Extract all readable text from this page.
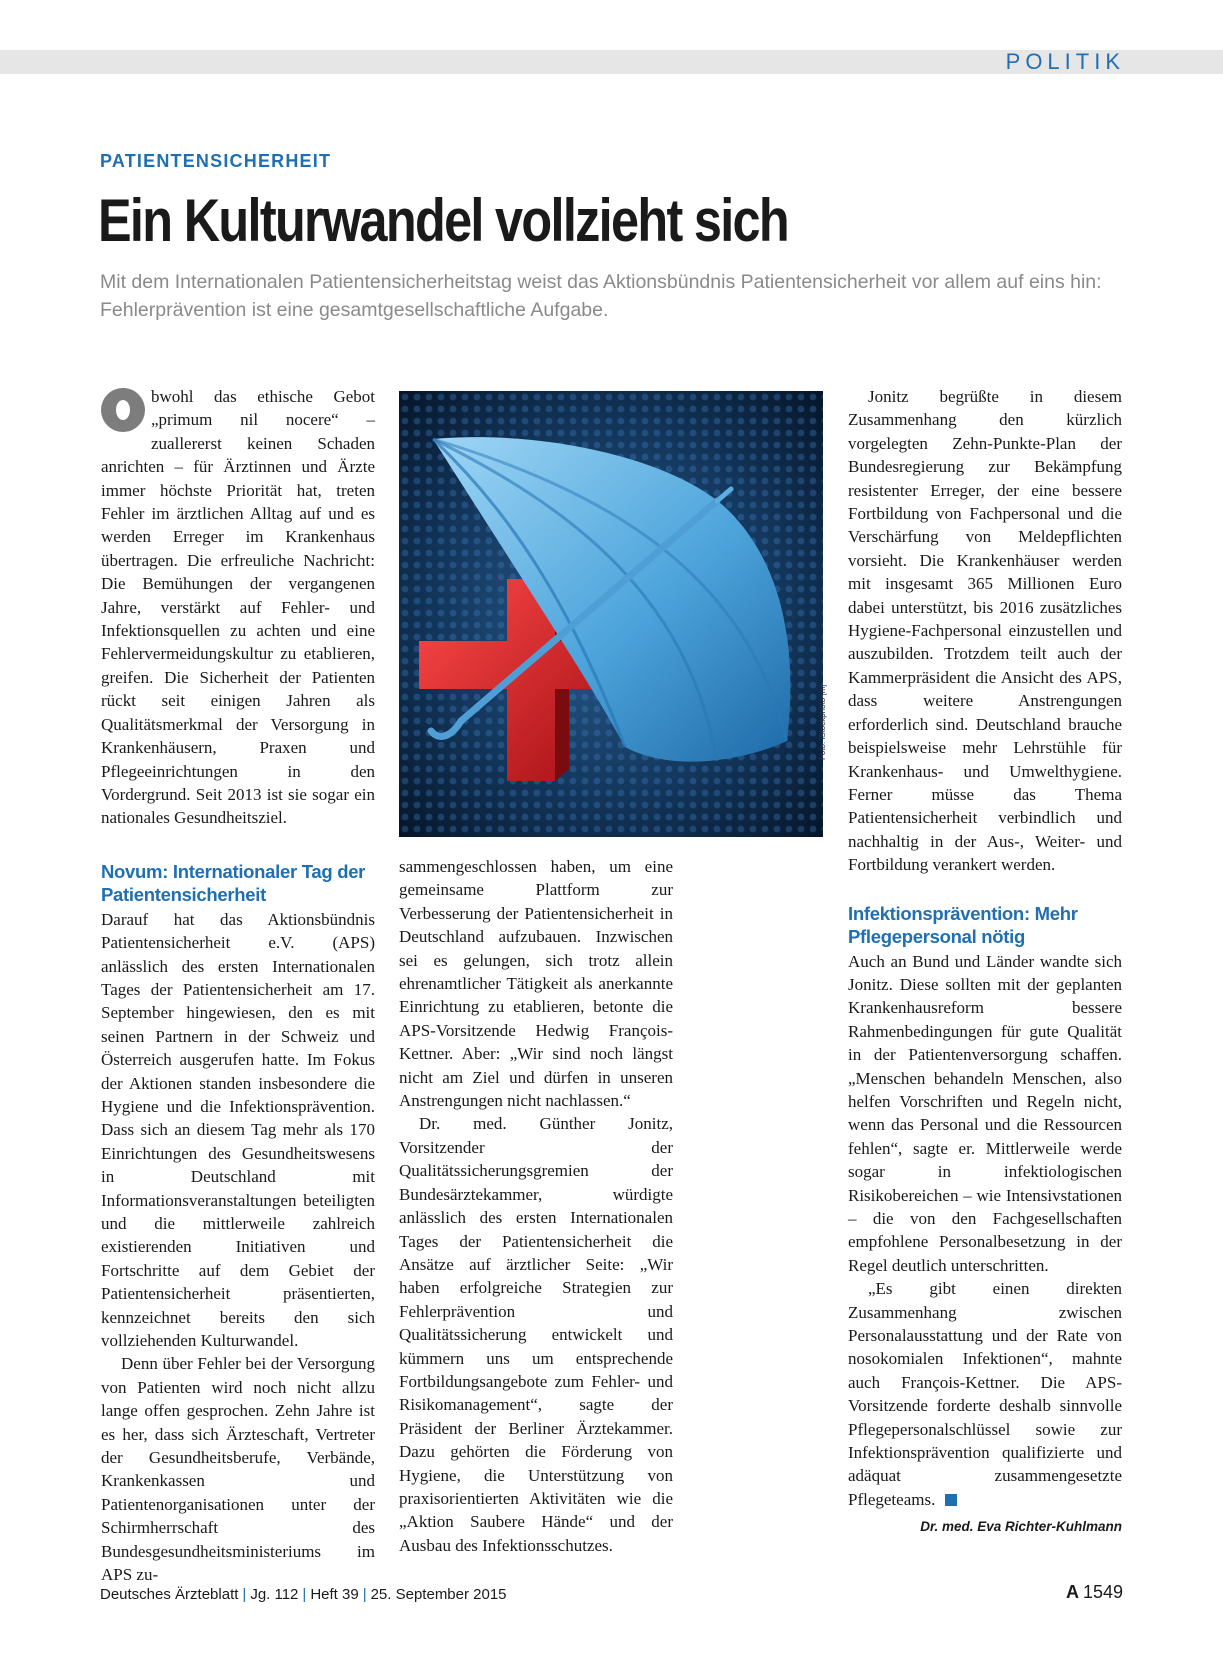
POLITIK
PATIENTENSICHERHEIT
Ein Kulturwandel vollzieht sich

Mit dem Internationalen Patientensicherheitstag weist das Aktionsbündnis Patientensicherheit vor allem auf eins hin: Fehlerprävention ist eine gesamtgesellschaftliche Aufgabe.

bwohl das ethische Gebot „primum nil nocere“ – zuallererst keinen Schaden anrichten – für Ärztinnen und Ärzte immer höchste Priorität hat, treten Fehler im ärztlichen Alltag auf und es werden Erreger im Krankenhaus übertragen. Die erfreuliche Nachricht: Die Bemühungen der vergangenen Jahre, verstärkt auf Fehler- und Infektionsquellen zu achten und eine Fehlervermeidungskultur zu etablieren, greifen. Die Sicherheit der Patienten rückt seit einigen Jahren als Qualitätsmerkmal der Versorgung in Krankenhäusern, Praxen und Pflegeeinrichtungen in den Vordergrund. Seit 2013 ist sie sogar ein nationales Gesundheitsziel.

Novum: Internationaler Tag der Patientensicherheit

Darauf hat das Aktionsbündnis Patientensicherheit e.V. (APS) anlässlich des ersten Internationalen Tages der Patientensicherheit am 17. September hingewiesen, den es mit seinen Partnern in der Schweiz und Österreich ausgerufen hatte. Im Fokus der Aktionen standen insbesondere die Hygiene und die Infektionsprävention. Dass sich an diesem Tag mehr als 170 Einrichtungen des Gesundheitswesens in Deutschland mit Informationsveranstaltungen beteiligten und die mittlerweile zahlreich existierenden Initiativen und Fortschritte auf dem Gebiet der Patientensicherheit präsentierten, kennzeichnet bereits den sich vollziehenden Kulturwandel.

Denn über Fehler bei der Versorgung von Patienten wird noch nicht allzu lange offen gesprochen. Zehn Jahre ist es her, dass sich Ärzteschaft, Vertreter der Gesundheitsberufe, Verbände, Krankenkassen und Patientenorganisationen unter der Schirmherrschaft des Bundesgesundheitsministeriums im APS zu-

Foto: iStockphoto [m]

sammengeschlossen haben, um eine gemeinsame Plattform zur Verbesserung der Patientensicherheit in Deutschland aufzubauen. Inzwischen sei es gelungen, sich trotz allein ehrenamtlicher Tätigkeit als anerkannte Einrichtung zu etablieren, betonte die APS-Vorsitzende Hedwig François-Kettner. Aber: „Wir sind noch längst nicht am Ziel und dürfen in unseren Anstrengungen nicht nachlassen.“

Dr. med. Günther Jonitz, Vorsitzender der Qualitätssicherungsgremien der Bundesärztekammer, würdigte anlässlich des ersten Internationalen Tages der Patientensicherheit die Ansätze auf ärztlicher Seite: „Wir haben erfolgreiche Strategien zur Fehlerprävention und Qualitätssicherung entwickelt und kümmern uns um entsprechende Fortbildungsangebote zum Fehler- und Risikomanagement“, sagte der Präsident der Berliner Ärztekammer. Dazu gehörten die Förderung von Hygiene, die Unterstützung von praxisorientierten Aktivitäten wie die „Aktion Saubere Hände“ und der Ausbau des Infektionsschutzes.

Jonitz begrüßte in diesem Zusammenhang den kürzlich vorgelegten Zehn-Punkte-Plan der Bundesregierung zur Bekämpfung resistenter Erreger, der eine bessere Fortbildung von Fachpersonal und die Verschärfung von Meldepflichten vorsieht. Die Krankenhäuser werden mit insgesamt 365 Millionen Euro dabei unterstützt, bis 2016 zusätzliches Hygiene-Fachpersonal einzustellen und auszubilden. Trotzdem teilt auch der Kammerpräsident die Ansicht des APS, dass weitere Anstrengungen erforderlich sind. Deutschland brauche beispielsweise mehr Lehrstühle für Krankenhaus- und Umwelthygiene. Ferner müsse das Thema Patientensicherheit verbindlich und nachhaltig in der Aus-, Weiter- und Fortbildung verankert werden.

Infektionsprävention: Mehr Pflegepersonal nötig

Auch an Bund und Länder wandte sich Jonitz. Diese sollten mit der geplanten Krankenhausreform bessere Rahmenbedingungen für gute Qualität in der Patientenversorgung schaffen. „Menschen behandeln Menschen, also helfen Vorschriften und Regeln nicht, wenn das Personal und die Ressourcen fehlen“, sagte er. Mittlerweile werde sogar in infektiologischen Risikobereichen – wie Intensivstationen – die von den Fachgesellschaften empfohlene Personalbesetzung in der Regel deutlich unterschritten.

„Es gibt einen direkten Zusammenhang zwischen Personalausstattung und der Rate von nosokomialen Infektionen“, mahnte auch François-Kettner. Die APS-Vorsitzende forderte deshalb sinnvolle Pflegepersonalschlüssel sowie zur Infektionsprävention qualifizierte und adäquat zusammengesetzte Pflegeteams.

Dr. med. Eva Richter-Kuhlmann
Deutsches Ärzteblatt | Jg. 112 | Heft 39 | 25. September 2015	A 1549
